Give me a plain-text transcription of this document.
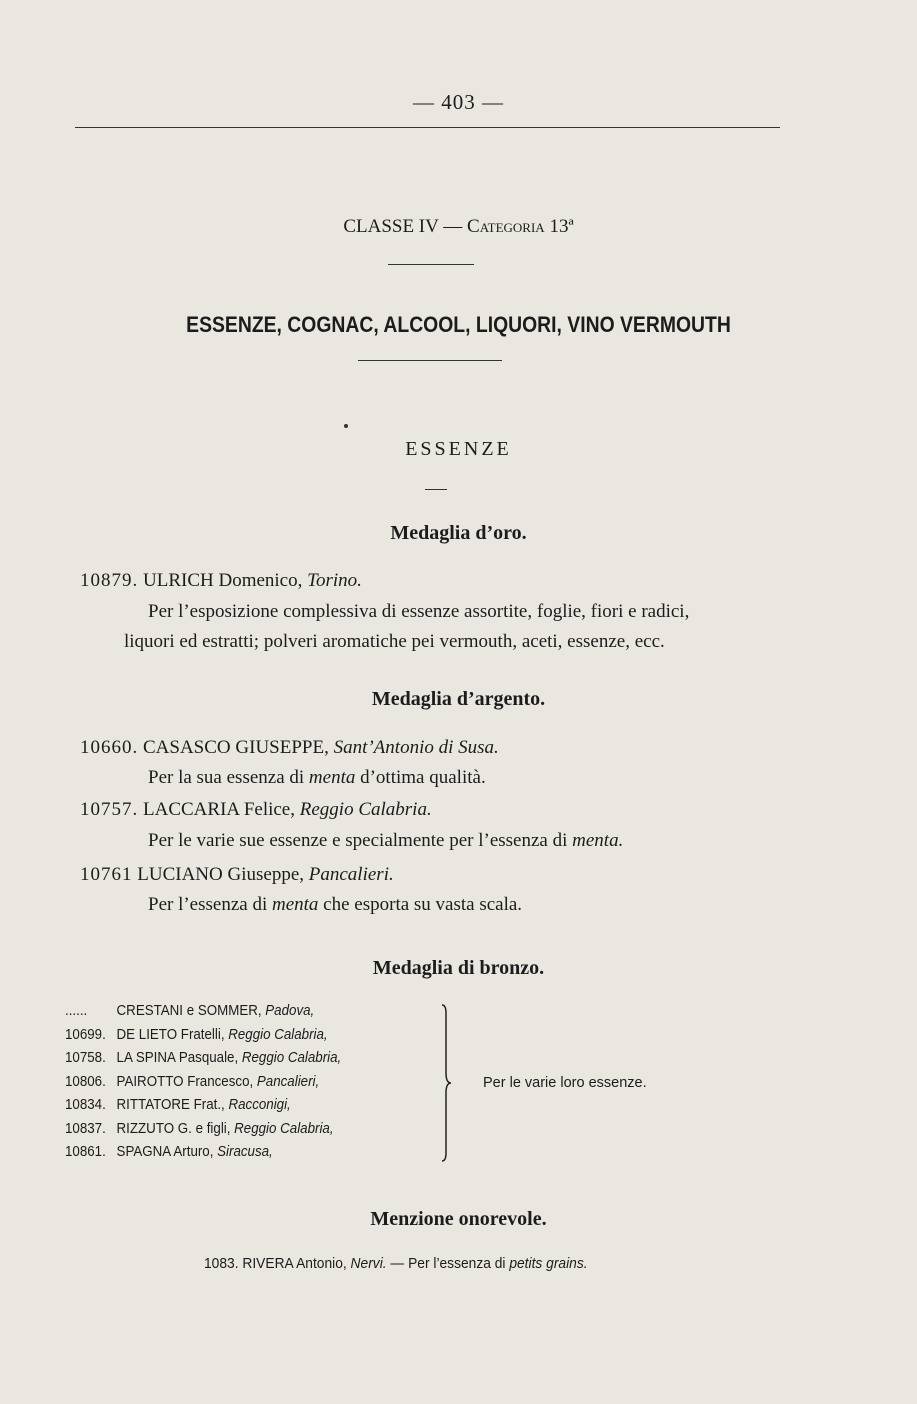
— 403 —
CLASSE IV — Categoria 13ª
ESSENZE, COGNAC, ALCOOL, LIQUORI, VINO VERMOUTH
ESSENZE
Medaglia d’oro.
10879. ULRICH Domenico, Torino.
Per l’esposizione complessiva di essenze assortite, foglie, fiori e radici,
liquori ed estratti; polveri aromatiche pei vermouth, aceti, essenze, ecc.
Medaglia d’argento.
10660. CASASCO GIUSEPPE, Sant’Antonio di Susa.
Per la sua essenza di menta d’ottima qualità.
10757. LACCARIA Felice, Reggio Calabria.
Per le varie sue essenze e specialmente per l’essenza di menta.
10761 LUCIANO Giuseppe, Pancalieri.
Per l’essenza di menta che esporta su vasta scala.
Medaglia di bronzo.
...... CRESTANI e SOMMER, Padova,
10699. DE LIETO Fratelli, Reggio Calabria,
10758. LA SPINA Pasquale, Reggio Calabria,
10806. PAIROTTO Francesco, Pancalieri,
10834. RITTATORE Frat., Racconigi,
10837. RIZZUTO G. e figli, Reggio Calabria,
10861. SPAGNA Arturo, Siracusa,
Per le varie loro essenze.
Menzione onorevole.
1083. RIVERA Antonio, Nervi. — Per l’essenza di petits grains.
